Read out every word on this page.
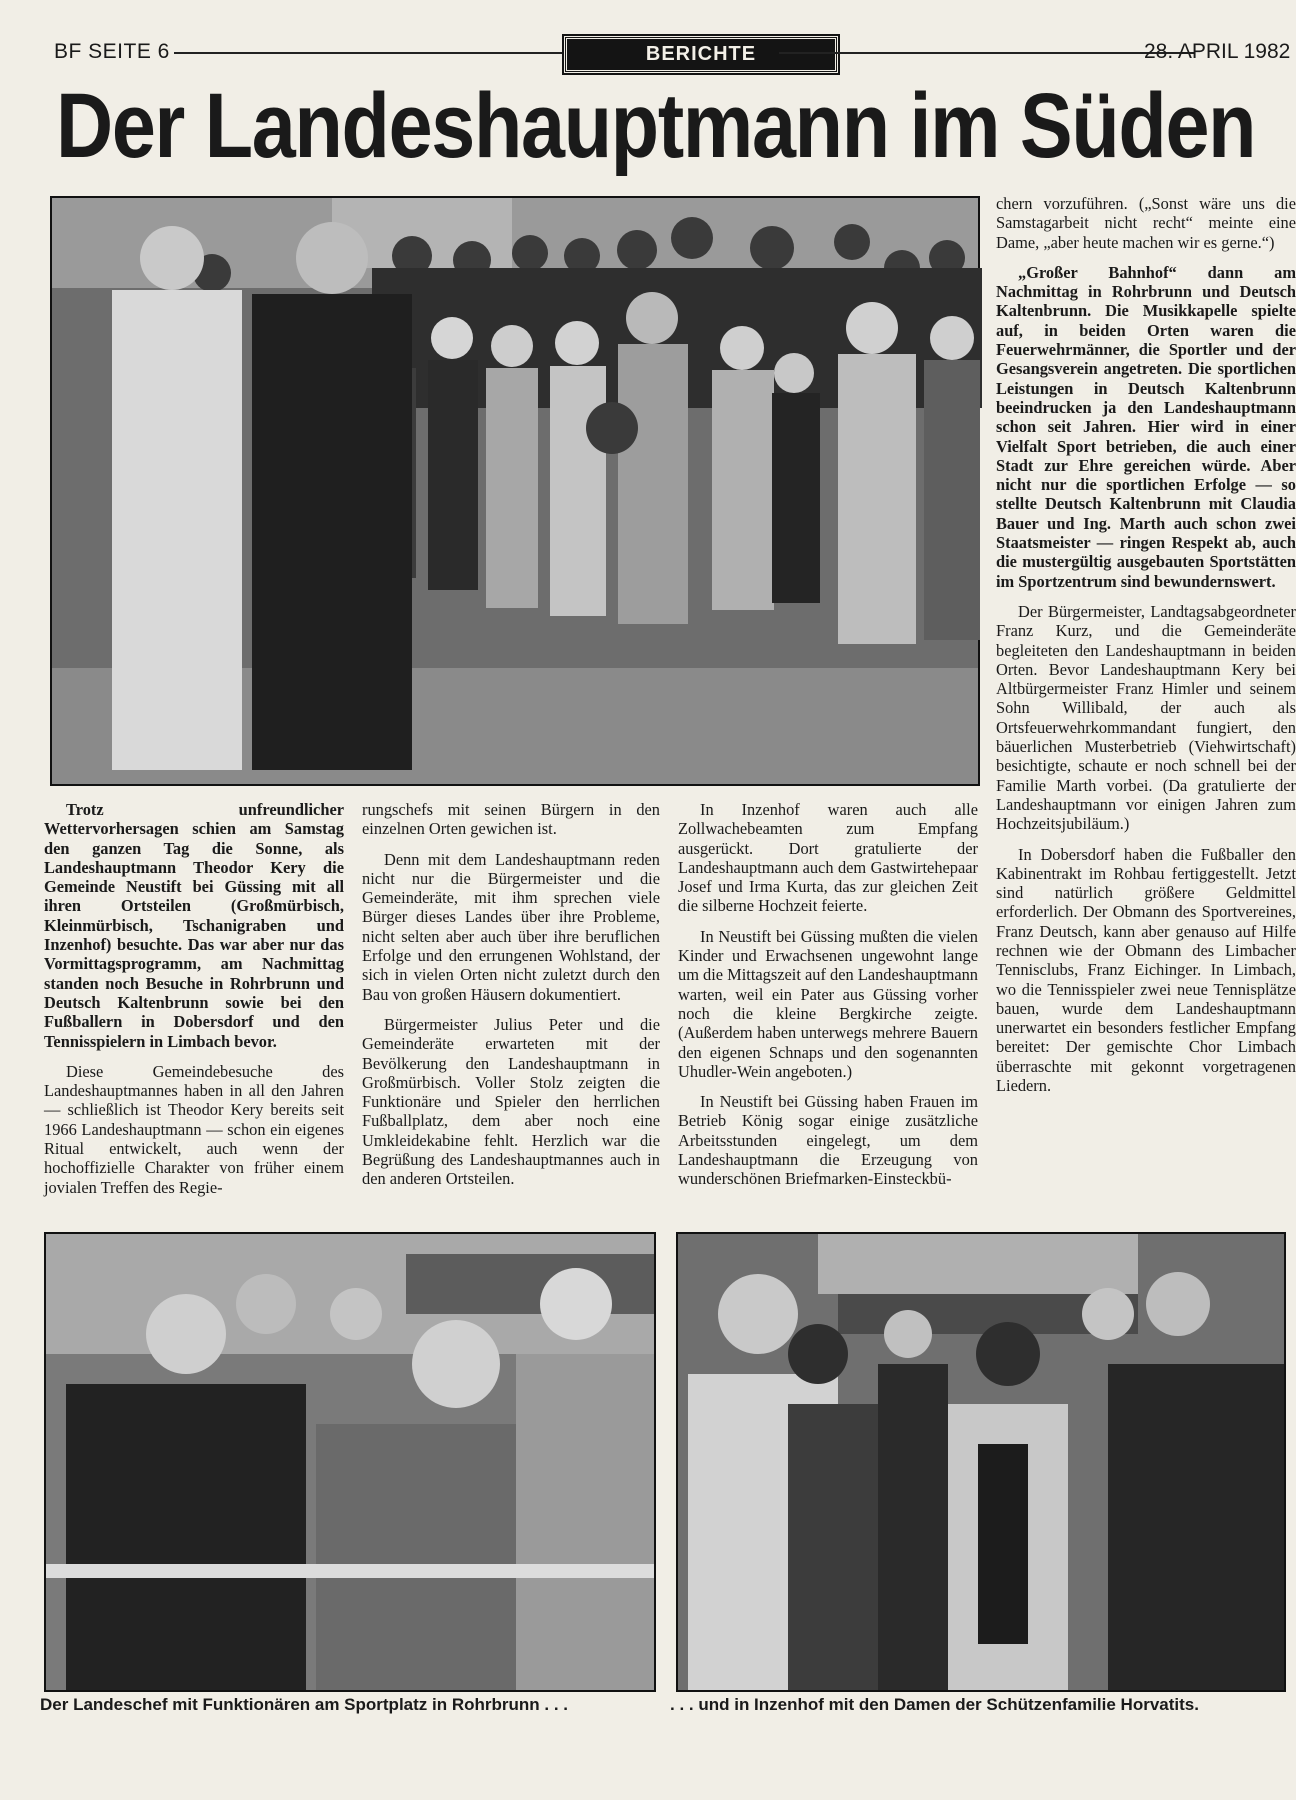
BF SEITE 6	BERICHTE	28. APRIL 1982
Der Landeshauptmann im Süden

Trotz unfreundlicher Wettervorhersagen schien am Samstag den ganzen Tag die Sonne, als Landeshauptmann Theodor Kery die Gemeinde Neustift bei Güssing mit all ihren Ortsteilen (Großmürbisch, Kleinmürbisch, Tschanigraben und Inzenhof) besuchte. Das war aber nur das Vormittagsprogramm, am Nachmittag standen noch Besuche in Rohrbrunn und Deutsch Kaltenbrunn sowie bei den Fußballern in Dobersdorf und den Tennisspielern in Limbach bevor.

Diese Gemeindebesuche des Landeshauptmannes haben in all den Jahren — schließlich ist Theodor Kery bereits seit 1966 Landeshauptmann — schon ein eigenes Ritual entwickelt, auch wenn der hochoffizielle Charakter von früher einem jovialen Treffen des Regie-

rungschefs mit seinen Bürgern in den einzelnen Orten gewichen ist.

Denn mit dem Landeshauptmann reden nicht nur die Bürgermeister und die Gemeinderäte, mit ihm sprechen viele Bürger dieses Landes über ihre Probleme, nicht selten aber auch über ihre beruflichen Erfolge und den errungenen Wohlstand, der sich in vielen Orten nicht zuletzt durch den Bau von großen Häusern dokumentiert.

Bürgermeister Julius Peter und die Gemeinderäte erwarteten mit der Bevölkerung den Landeshauptmann in Großmürbisch. Voller Stolz zeigten die Funktionäre und Spieler den herrlichen Fußballplatz, dem aber noch eine Umkleidekabine fehlt. Herzlich war die Begrüßung des Landeshauptmannes auch in den anderen Ortsteilen.

In Inzenhof waren auch alle Zollwachebeamten zum Empfang ausgerückt. Dort gratulierte der Landeshauptmann auch dem Gastwirtehepaar Josef und Irma Kurta, das zur gleichen Zeit die silberne Hochzeit feierte.

In Neustift bei Güssing mußten die vielen Kinder und Erwachsenen ungewohnt lange um die Mittagszeit auf den Landeshauptmann warten, weil ein Pater aus Güssing vorher noch die kleine Bergkirche zeigte. (Außerdem haben unterwegs mehrere Bauern den eigenen Schnaps und den sogenannten Uhudler-Wein angeboten.)

In Neustift bei Güssing haben Frauen im Betrieb König sogar einige zusätzliche Arbeitsstunden eingelegt, um dem Landeshauptmann die Erzeugung von wunderschönen Briefmarken-Einsteckbü-

chern vorzuführen. („Sonst wäre uns die Samstagarbeit nicht recht“ meinte eine Dame, „aber heute machen wir es gerne.“)

„Großer Bahnhof“ dann am Nachmittag in Rohrbrunn und Deutsch Kaltenbrunn. Die Musikkapelle spielte auf, in beiden Orten waren die Feuerwehrmänner, die Sportler und der Gesangsverein angetreten. Die sportlichen Leistungen in Deutsch Kaltenbrunn beeindrucken ja den Landeshauptmann schon seit Jahren. Hier wird in einer Vielfalt Sport betrieben, die auch einer Stadt zur Ehre gereichen würde. Aber nicht nur die sportlichen Erfolge — so stellte Deutsch Kaltenbrunn mit Claudia Bauer und Ing. Marth auch schon zwei Staatsmeister — ringen Respekt ab, auch die mustergültig ausgebauten Sportstätten im Sportzentrum sind bewundernswert.

Der Bürgermeister, Landtagsabgeordneter Franz Kurz, und die Gemeinderäte begleiteten den Landeshauptmann in beiden Orten. Bevor Landeshauptmann Kery bei Altbürgermeister Franz Himler und seinem Sohn Willibald, der auch als Ortsfeuerwehrkommandant fungiert, den bäuerlichen Musterbetrieb (Viehwirtschaft) besichtigte, schaute er noch schnell bei der Familie Marth vorbei. (Da gratulierte der Landeshauptmann vor einigen Jahren zum Hochzeitsjubiläum.)

In Dobersdorf haben die Fußballer den Kabinentrakt im Rohbau fertiggestellt. Jetzt sind natürlich größere Geldmittel erforderlich. Der Obmann des Sportvereines, Franz Deutsch, kann aber genauso auf Hilfe rechnen wie der Obmann des Limbacher Tennisclubs, Franz Eichinger. In Limbach, wo die Tennisspieler zwei neue Tennisplätze bauen, wurde dem Landeshauptmann unerwartet ein besonders festlicher Empfang bereitet: Der gemischte Chor Limbach überraschte mit gekonnt vorgetragenen Liedern.

Der Landeschef mit Funktionären am Sportplatz in Rohrbrunn . . .	. . . und in Inzenhof mit den Damen der Schützenfamilie Horvatits.
